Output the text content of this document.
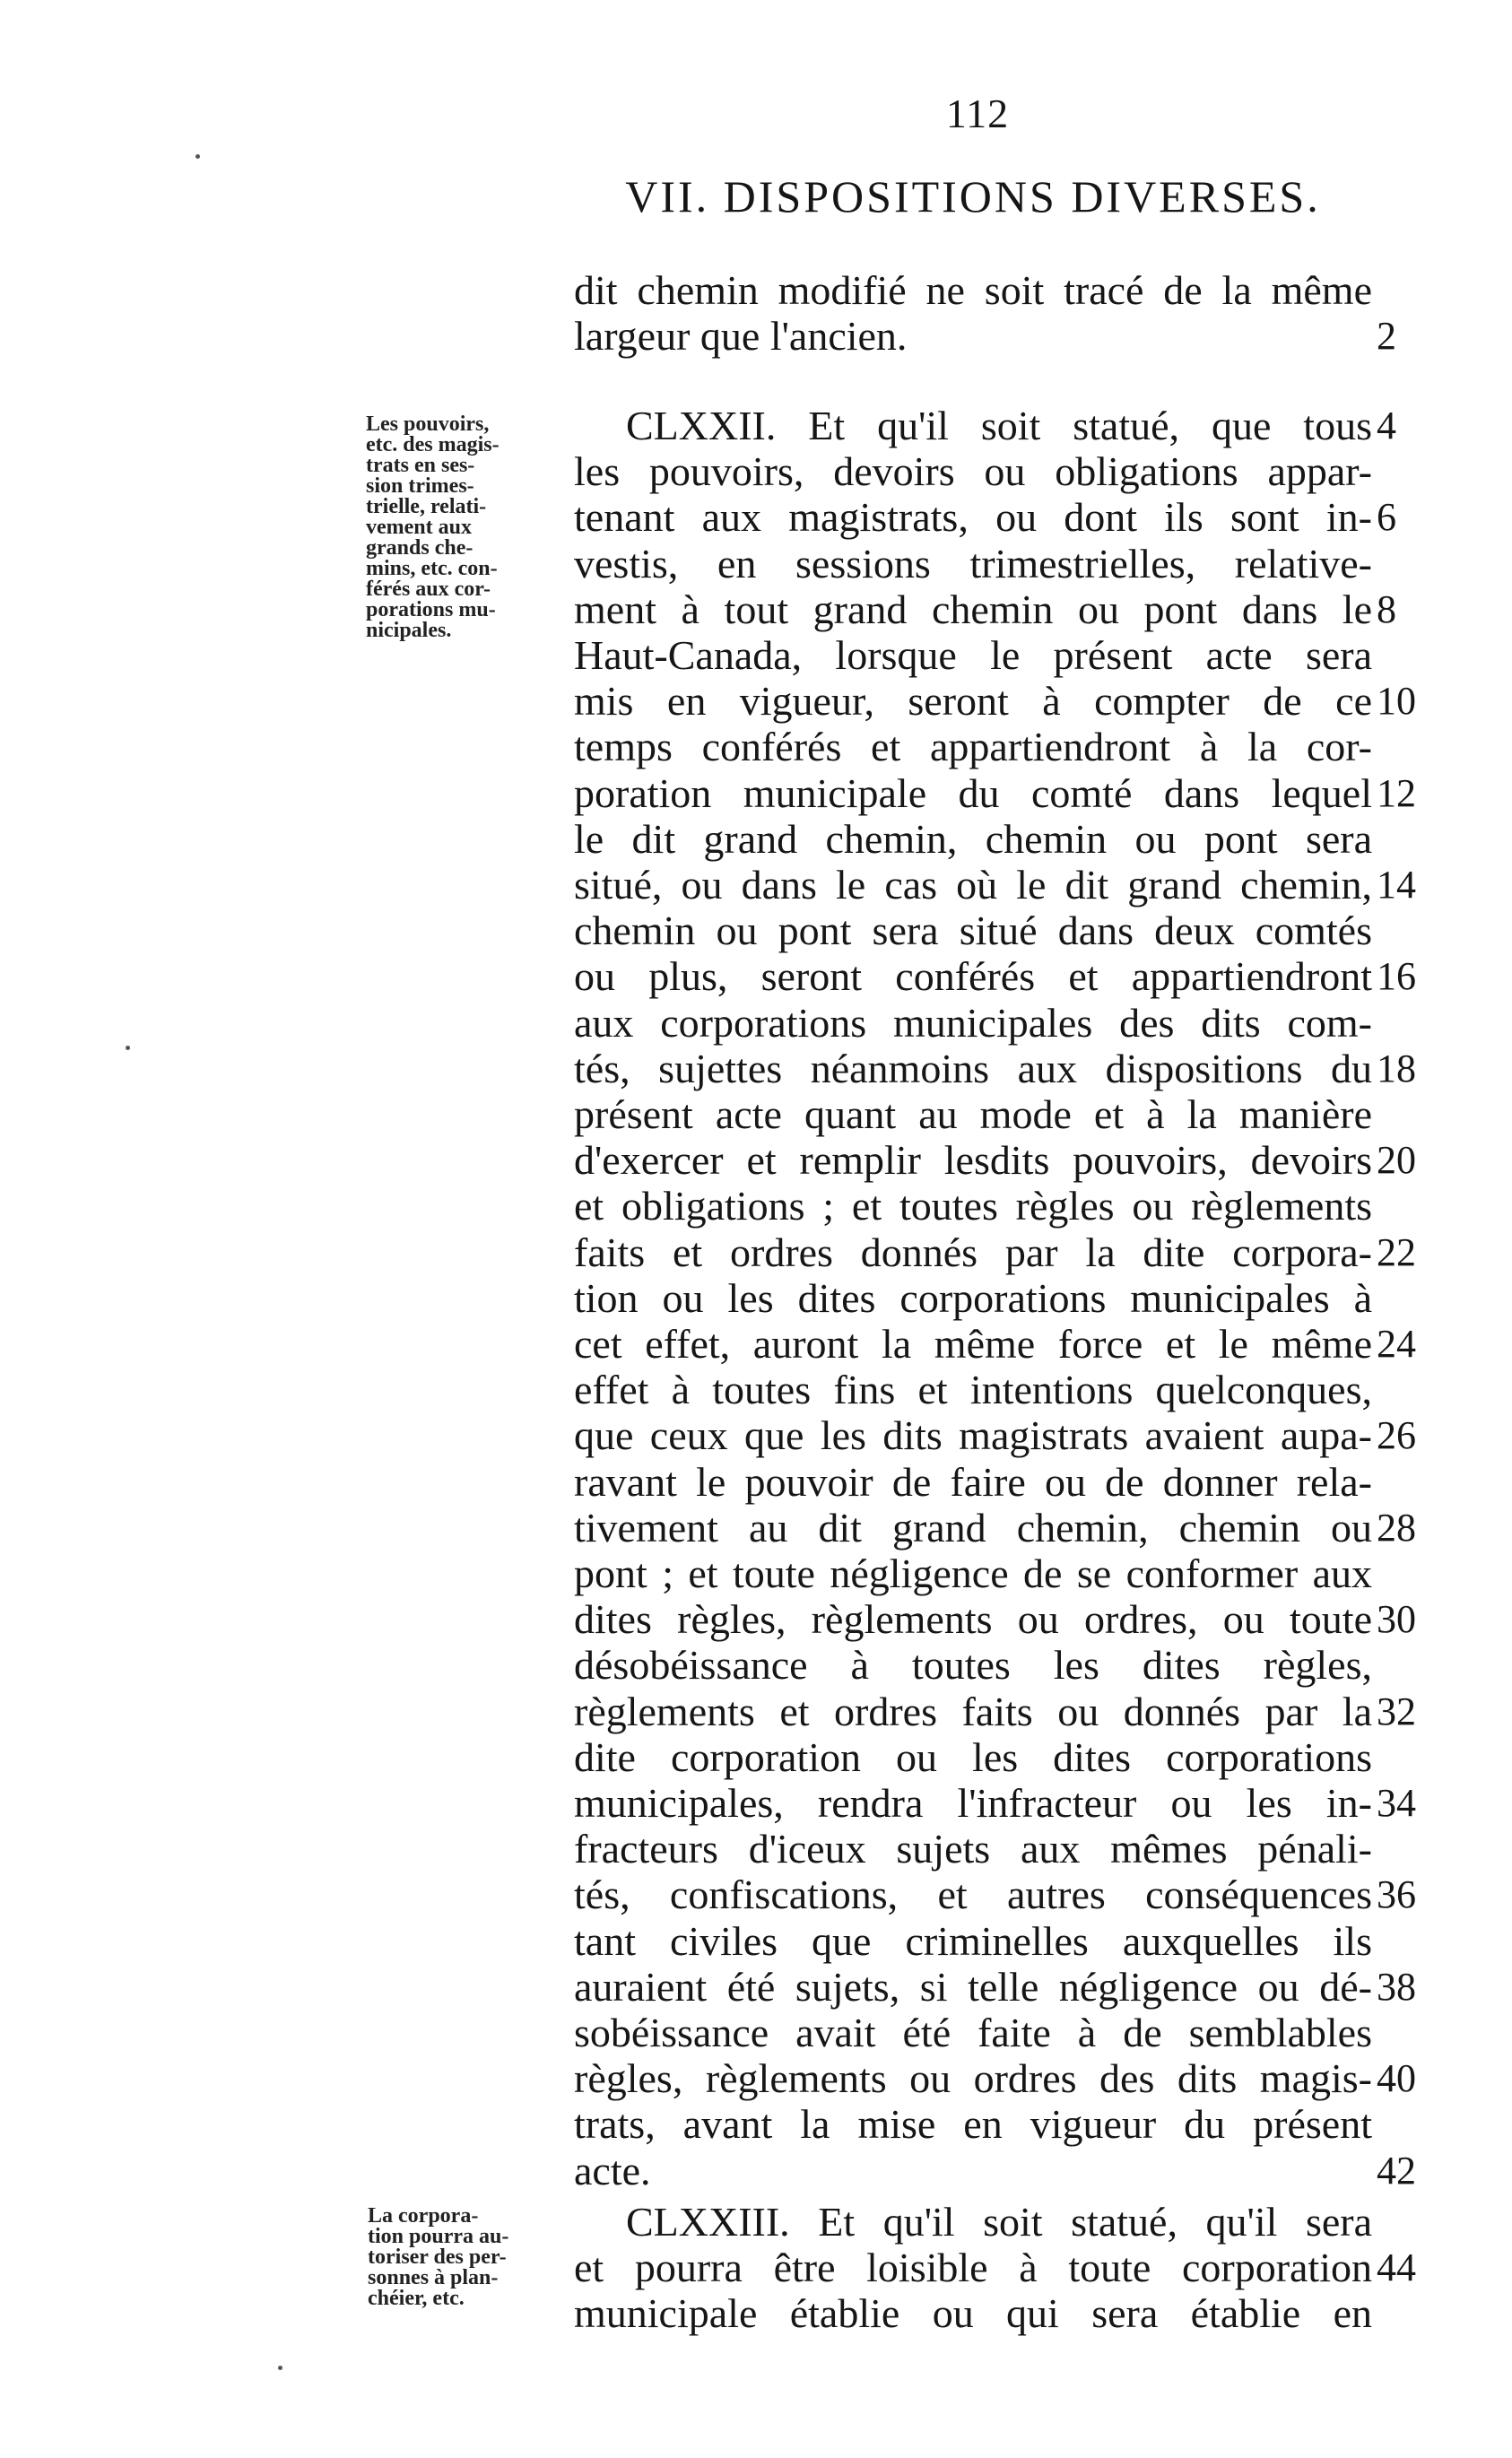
112
VII. DISPOSITIONS DIVERSES.
dit chemin modifié ne soit tracé de la même
largeur que l'ancien.	2
CLXXII. Et qu'il soit statué, que tous 4
les pouvoirs, devoirs ou obligations appar-
tenant aux magistrats, ou dont ils sont in- 6
vestis, en sessions trimestrielles, relative-
ment à tout grand chemin ou pont dans le 8
Haut-Canada, lorsque le présent acte sera
mis en vigueur, seront à compter de ce 10
temps conférés et appartiendront à la cor-
poration municipale du comté dans lequel 12
le dit grand chemin, chemin ou pont sera
situé, ou dans le cas où le dit grand chemin, 14
chemin ou pont sera situé dans deux comtés
ou plus, seront conférés et appartiendront 16
aux corporations municipales des dits com-
tés, sujettes néanmoins aux dispositions du 18
présent acte quant au mode et à la manière
d'exercer et remplir lesdits pouvoirs, devoirs 20
et obligations ; et toutes règles ou règlements
faits et ordres donnés par la dite corpora- 22
tion ou les dites corporations municipales à
cet effet, auront la même force et le même 24
effet à toutes fins et intentions quelconques,
que ceux que les dits magistrats avaient aupa- 26
ravant le pouvoir de faire ou de donner rela-
tivement au dit grand chemin, chemin ou 28
pont ; et toute négligence de se conformer aux
dites règles, règlements ou ordres, ou toute 30
désobéissance à toutes les dites règles,
règlements et ordres faits ou donnés par la 32
dite corporation ou les dites corporations
municipales, rendra l'infracteur ou les in- 34
fracteurs d'iceux sujets aux mêmes pénali-
tés, confiscations, et autres conséquences 36
tant civiles que criminelles auxquelles ils
auraient été sujets, si telle négligence ou dé- 38
sobéissance avait été faite à de semblables
règles, règlements ou ordres des dits magis- 40
trats, avant la mise en vigueur du présent
acte.	42
CLXXIII. Et qu'il soit statué, qu'il sera
et pourra être loisible à toute corporation 44
municipale établie ou qui sera établie en
Les pouvoirs,
etc. des magis-
trats en ses-
sion trimes-
trielle, relati-
vement aux
grands che-
mins, etc. con-
férés aux cor-
porations mu-
nicipales.
La corpora-
tion pourra au-
toriser des per-
sonnes à plan-
chéier, etc.
